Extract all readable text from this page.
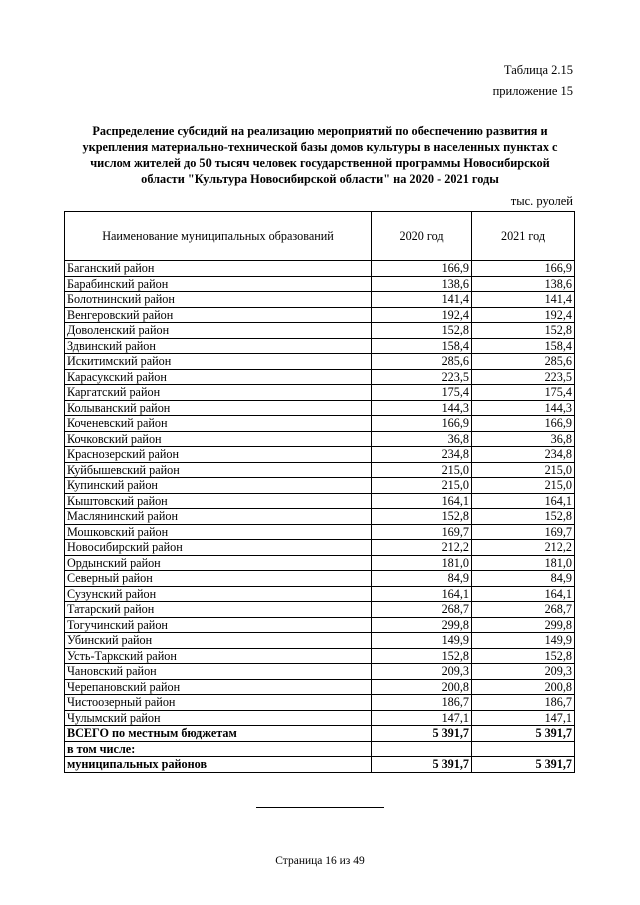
Таблица 2.15
приложение 15
Распределение субсидий на реализацию мероприятий по обеспечению развития и укрепления материально-технической базы домов культуры в населенных пунктах с числом жителей до 50 тысяч человек государственной программы Новосибирской области "Культура Новосибирской области" на 2020 - 2021 годы
тыс. руолей
Наименование муниципальных образований	2020 год	2021 год
Баганский район	166,9	166,9
Барабинский район	138,6	138,6
Болотнинский район	141,4	141,4
Венгеровский район	192,4	192,4
Доволенский район	152,8	152,8
Здвинский район	158,4	158,4
Искитимский район	285,6	285,6
Карасукский район	223,5	223,5
Каргатский район	175,4	175,4
Колыванский район	144,3	144,3
Коченевский район	166,9	166,9
Кочковский район	36,8	36,8
Краснозерский район	234,8	234,8
Куйбышевский район	215,0	215,0
Купинский район	215,0	215,0
Кыштовский район	164,1	164,1
Маслянинский район	152,8	152,8
Мошковский район	169,7	169,7
Новосибирский район	212,2	212,2
Ордынский район	181,0	181,0
Северный район	84,9	84,9
Сузунский район	164,1	164,1
Татарский район	268,7	268,7
Тогучинский район	299,8	299,8
Убинский район	149,9	149,9
Усть-Таркский район	152,8	152,8
Чановский район	209,3	209,3
Черепановский район	200,8	200,8
Чистоозерный район	186,7	186,7
Чулымский район	147,1	147,1
ВСЕГО по местным бюджетам	5 391,7	5 391,7
в том числе:		
муниципальных районов	5 391,7	5 391,7
Страница 16 из 49
